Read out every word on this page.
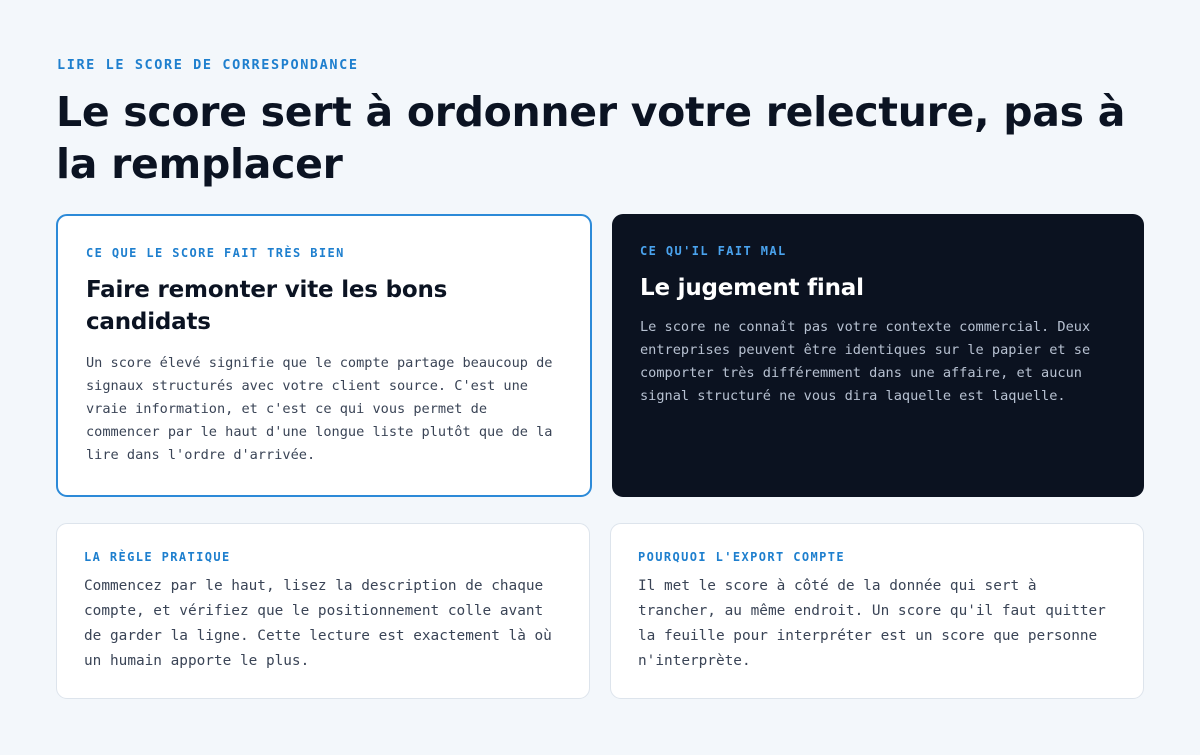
LIRE LE SCORE DE CORRESPONDANCE
Le score sert à ordonner votre relecture, pas à la remplacer
CE QUE LE SCORE FAIT TRÈS BIEN
Faire remonter vite les bons candidats

Un score élevé signifie que le compte partage beaucoup de signaux structurés avec votre client source. C'est une vraie information, et c'est ce qui vous permet de commencer par le haut d'une longue liste plutôt que de la lire dans l'ordre d'arrivée.

CE QU'IL FAIT MAL
Le jugement final

Le score ne connaît pas votre contexte commercial. Deux entreprises peuvent être identiques sur le papier et se comporter très différemment dans une affaire, et aucun signal structuré ne vous dira laquelle est laquelle.

LA RÈGLE PRATIQUE

Commencez par le haut, lisez la description de chaque compte, et vérifiez que le positionnement colle avant de garder la ligne. Cette lecture est exactement là où un humain apporte le plus.

POURQUOI L'EXPORT COMPTE

Il met le score à côté de la donnée qui sert à trancher, au même endroit. Un score qu'il faut quitter la feuille pour interpréter est un score que personne n'interprète.
